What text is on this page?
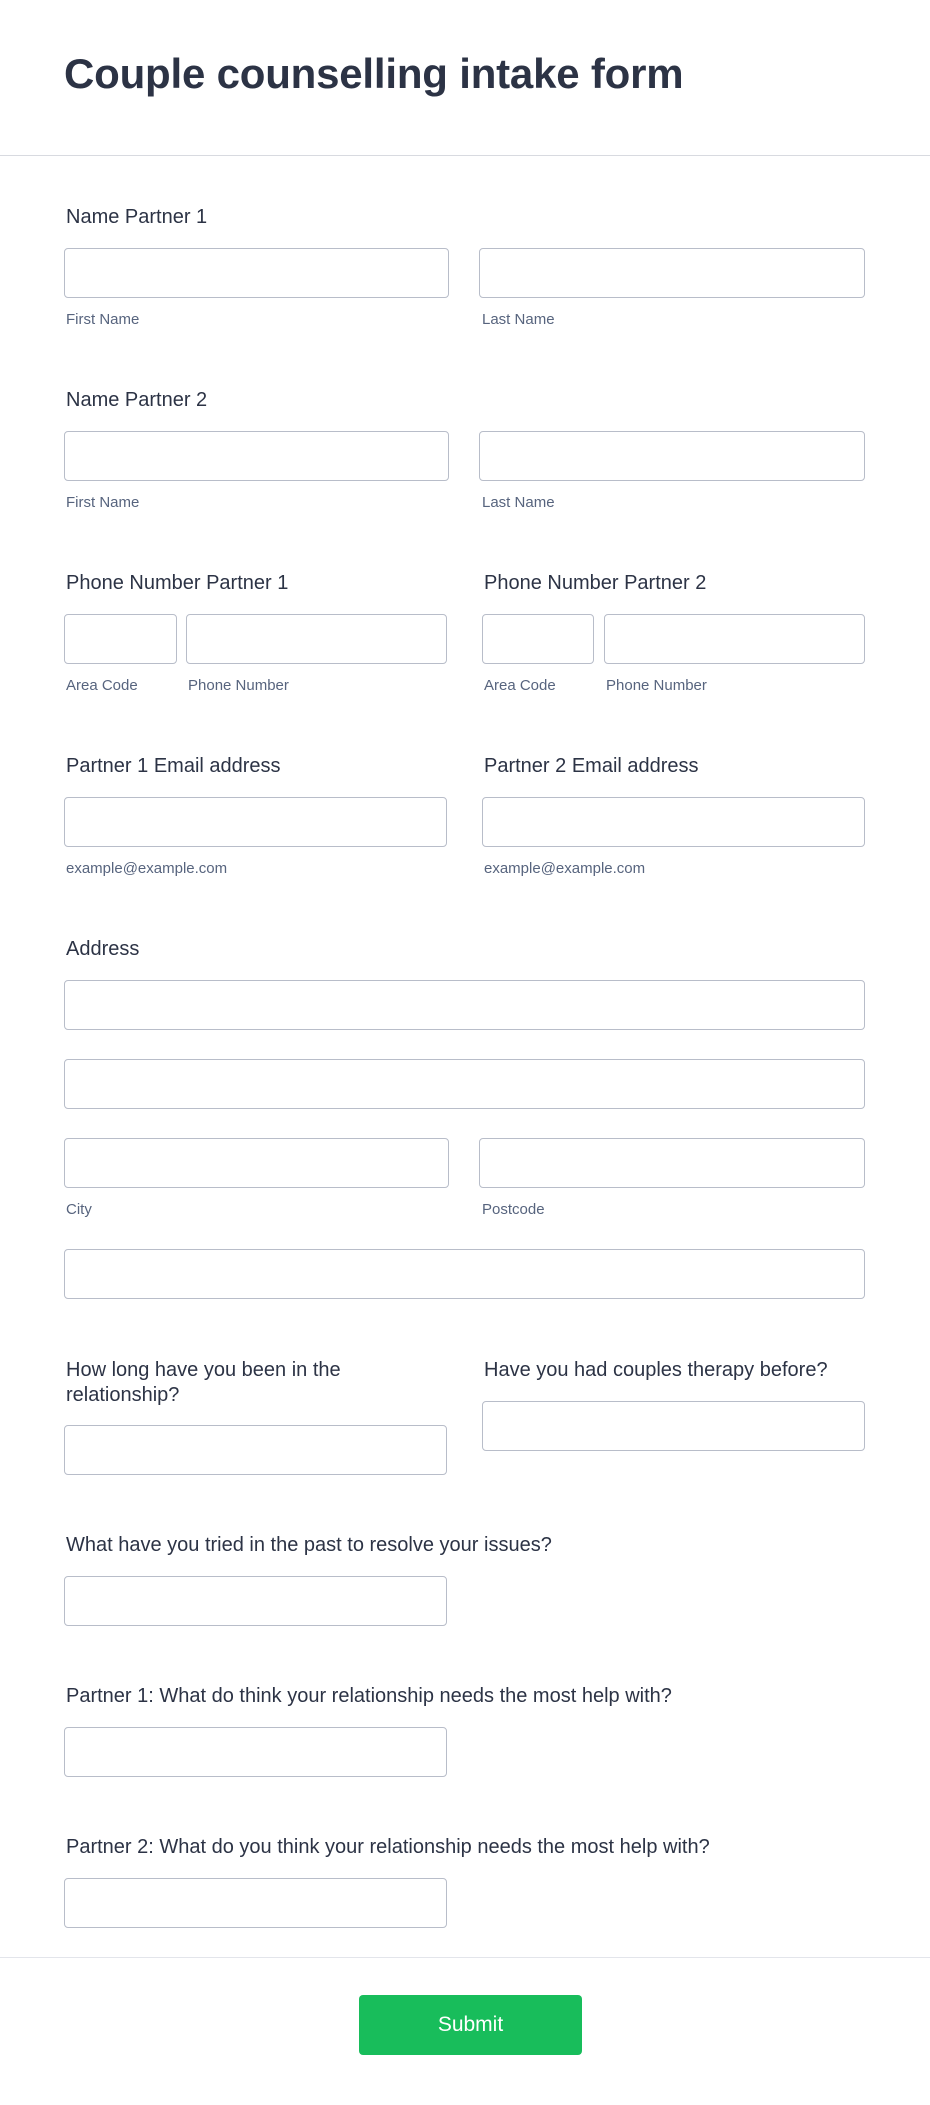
Couple counselling intake form
Name Partner 1
First Name	Last Name
Name Partner 2
First Name	Last Name
Phone Number Partner 1
Area Code	Phone Number
Phone Number Partner 2
Area Code	Phone Number
Partner 1 Email address
example@example.com
Partner 2 Email address
example@example.com
Address
City	Postcode
How long have you been in the relationship?
Have you had couples therapy before?
What have you tried in the past to resolve your issues?
Partner 1: What do think your relationship needs the most help with?
Partner 2: What do you think your relationship needs the most help with?
Submit
